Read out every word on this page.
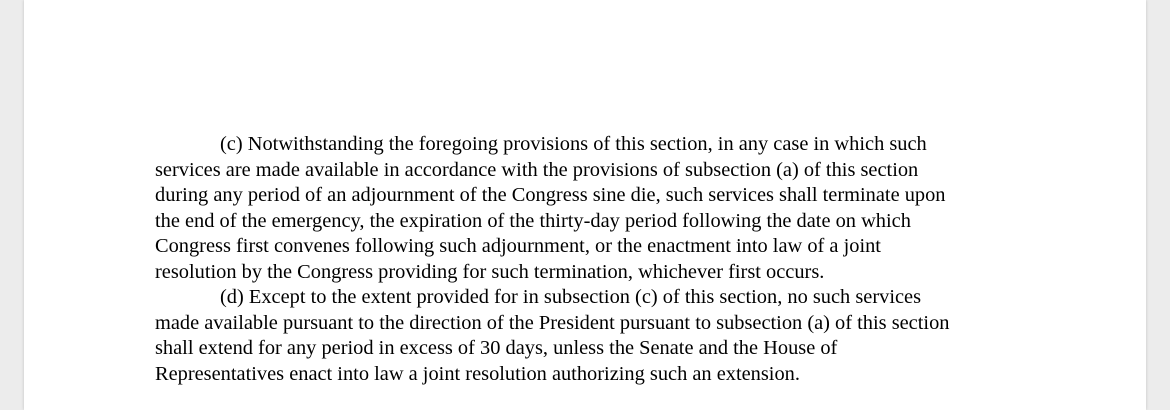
(c) Notwithstanding the foregoing provisions of this section, in any case in which such
services are made available in accordance with the provisions of subsection (a) of this section
during any period of an adjournment of the Congress sine die, such services shall terminate upon
the end of the emergency, the expiration of the thirty-day period following the date on which
Congress first convenes following such adjournment, or the enactment into law of a joint
resolution by the Congress providing for such termination, whichever first occurs.
(d) Except to the extent provided for in subsection (c) of this section, no such services
made available pursuant to the direction of the President pursuant to subsection (a) of this section
shall extend for any period in excess of 30 days, unless the Senate and the House of
Representatives enact into law a joint resolution authorizing such an extension.
